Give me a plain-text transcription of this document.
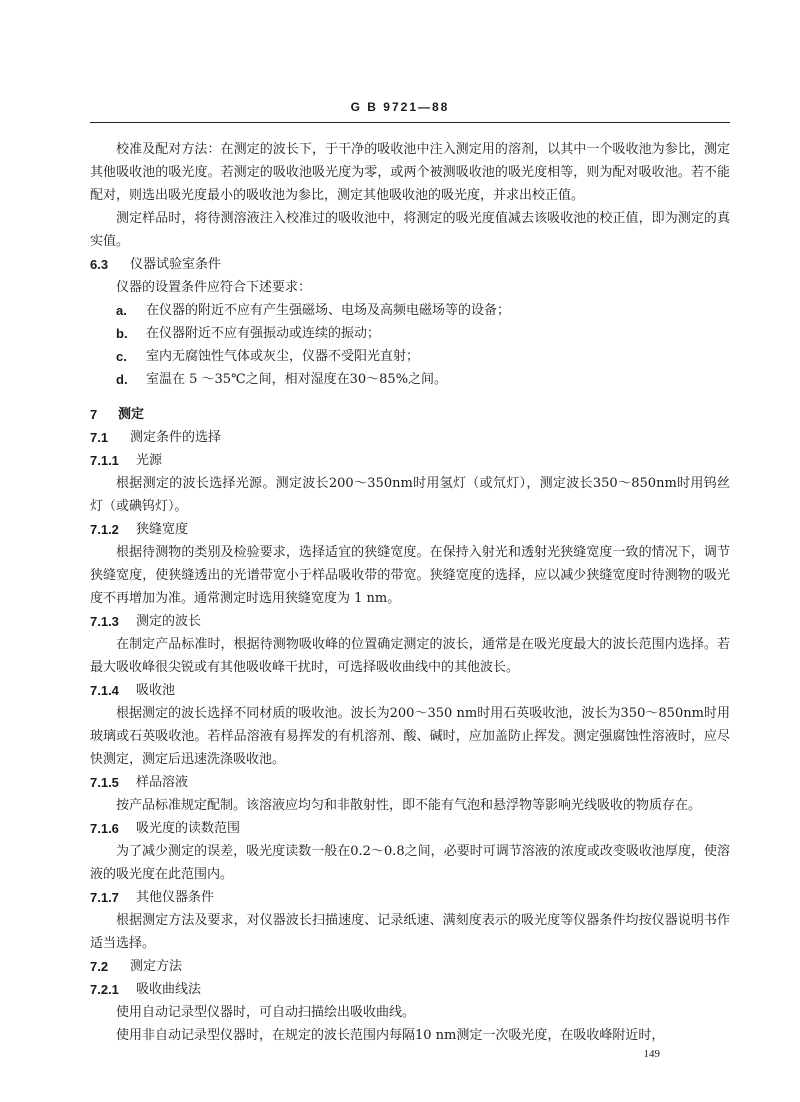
G B 9721—88

校准及配对方法：在测定的波长下，于干净的吸收池中注入测定用的溶剂，以其中一个吸收池为参比，测定其他吸收池的吸光度。若测定的吸收池吸光度为零，或两个被测吸收池的吸光度相等，则为配对吸收池。若不能配对，则选出吸光度最小的吸收池为参比，测定其他吸收池的吸光度，并求出校正值。

测定样品时，将待测溶液注入校准过的吸收池中，将测定的吸光度值减去该吸收池的校正值，即为测定的真实值。

6.3	仪器试验室条件

仪器的设置条件应符合下述要求：

a.	在仪器的附近不应有产生强磁场、电场及高频电磁场等的设备；
b.	在仪器附近不应有强振动或连续的振动；
c.	室内无腐蚀性气体或灰尘，仪器不受阳光直射；
d.	室温在 5 ～35℃之间，相对湿度在30～85%之间。
7	测定
7.1	测定条件的选择
7.1.1	光源

根据测定的波长选择光源。测定波长200～350nm时用氢灯（或氘灯），测定波长350～850nm时用钨丝灯（或碘钨灯）。

7.1.2	狭缝宽度

根据待测物的类别及检验要求，选择适宜的狭缝宽度。在保持入射光和透射光狭缝宽度一致的情况下，调节狭缝宽度，使狭缝透出的光谱带宽小于样品吸收带的带宽。狭缝宽度的选择，应以减少狭缝宽度时待测物的吸光度不再增加为准。通常测定时选用狭缝宽度为 1 nm。

7.1.3	测定的波长

在制定产品标准时，根据待测物吸收峰的位置确定测定的波长，通常是在吸光度最大的波长范围内选择。若最大吸收峰很尖锐或有其他吸收峰干扰时，可选择吸收曲线中的其他波长。

7.1.4	吸收池

根据测定的波长选择不同材质的吸收池。波长为200～350 nm时用石英吸收池，波长为350～850nm时用玻璃或石英吸收池。若样品溶液有易挥发的有机溶剂、酸、碱时，应加盖防止挥发。测定强腐蚀性溶液时，应尽快测定，测定后迅速洗涤吸收池。

7.1.5	样品溶液

按产品标准规定配制。该溶液应均匀和非散射性，即不能有气泡和悬浮物等影响光线吸收的物质存在。

7.1.6	吸光度的读数范围

为了减少测定的误差，吸光度读数一般在0.2～0.8之间，必要时可调节溶液的浓度或改变吸收池厚度，使溶液的吸光度在此范围内。

7.1.7	其他仪器条件

根据测定方法及要求，对仪器波长扫描速度、记录纸速、满刻度表示的吸光度等仪器条件均按仪器说明书作适当选择。

7.2	测定方法
7.2.1	吸收曲线法

使用自动记录型仪器时，可自动扫描绘出吸收曲线。

使用非自动记录型仪器时，在规定的波长范围内每隔10 nm测定一次吸光度，在吸收峰附近时，

149
